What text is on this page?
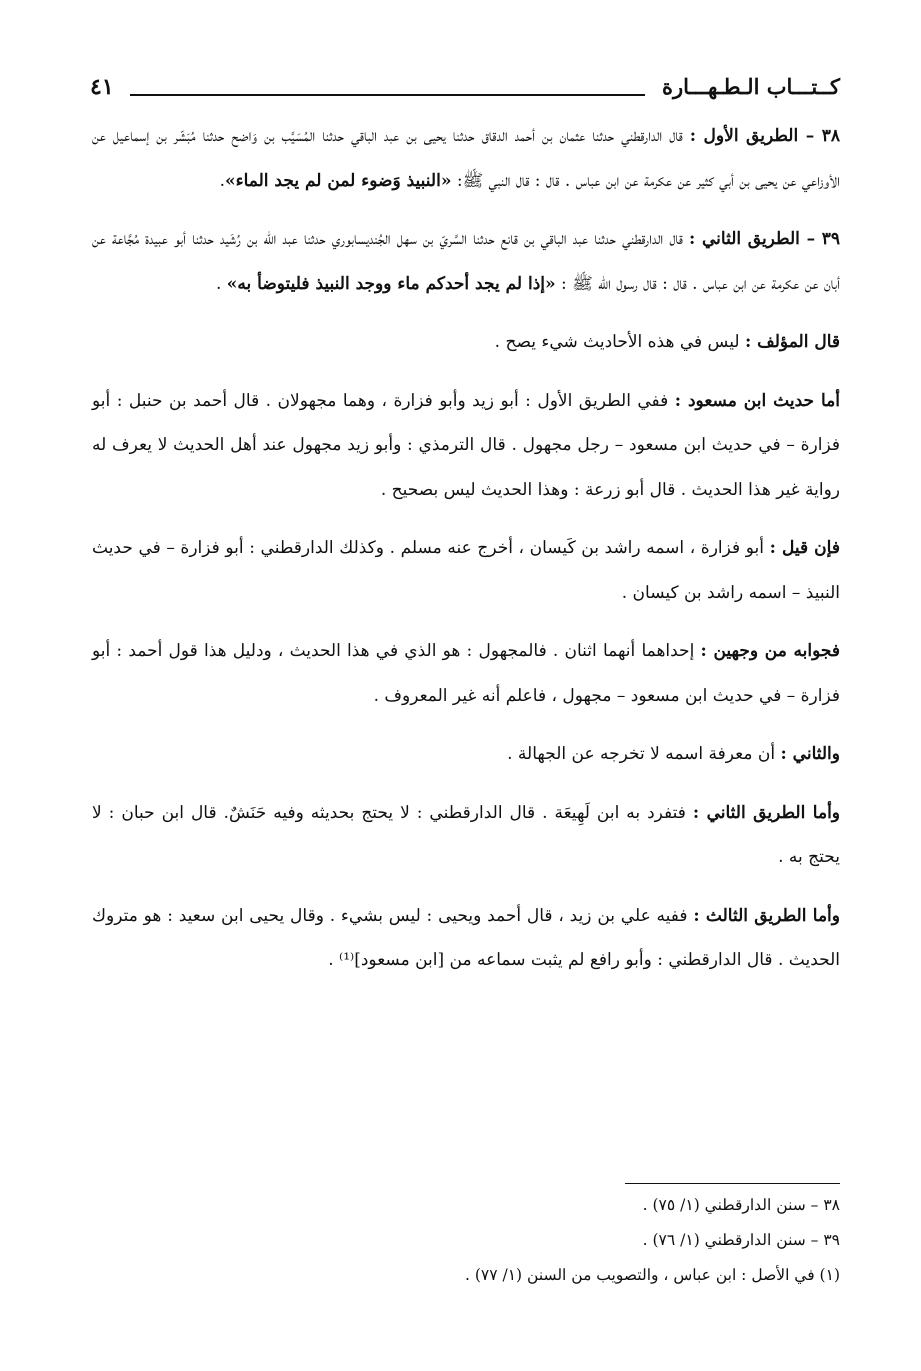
٤١	كــتـــاب الـطـهـــارة

٣٨ – الطريق الأول : قال الدارقطني حدثنا عثمان بن أحمد الدقاق حدثنا يحيى بن عبد الباقي حدثنا المُسَيَّب بن وَاضح حدثنا مُبَشّر بن إسماعيل عن الأوزاعي عن يحيى بن أبي كثير عن عكرمة عن ابن عباس . قال : قال النبي ﷺ: «النبيذ وَضوء لمن لم يجد الماء».

٣٩ – الطريق الثاني : قال الدارقطني حدثنا عبد الباقي بن قانع حدثنا السَّريّ بن سهل الجُنديسابوري حدثنا عبد الله بن رُشَيد حدثنا أبو عبيدة مُجَّاعة عن أبان عن عكرمة عن ابن عباس . قال : قال رسول الله ﷺ : «إذا لم يجد أحدكم ماء ووجد النبيذ فليتوضأ به» .

قال المؤلف : ليس في هذه الأحاديث شيء يصح .

أما حديث ابن مسعود : ففي الطريق الأول : أبو زيد وأبو فزارة ، وهما مجهولان . قال أحمد بن حنبل : أبو فزارة – في حديث ابن مسعود – رجل مجهول . قال الترمذي : وأبو زيد مجهول عند أهل الحديث لا يعرف له رواية غير هذا الحديث . قال أبو زرعة : وهذا الحديث ليس بصحيح .

فإن قيل : أبو فزارة ، اسمه راشد بن كَيسان ، أخرج عنه مسلم . وكذلك الدارقطني : أبو فزارة – في حديث النبيذ – اسمه راشد بن كيسان .

فجوابه من وجهين : إحداهما أنهما اثنان . فالمجهول : هو الذي في هذا الحديث ، ودليل هذا قول أحمد : أبو فزارة – في حديث ابن مسعود – مجهول ، فاعلم أنه غير المعروف .

والثاني : أن معرفة اسمه لا تخرجه عن الجهالة .

وأما الطريق الثاني : فتفرد به ابن لَهِيعَة . قال الدارقطني : لا يحتج بحديثه وفيه حَنَشٌ. قال ابن حبان : لا يحتج به .

وأما الطريق الثالث : ففيه علي بن زيد ، قال أحمد ويحيى : ليس بشيء . وقال يحيى ابن سعيد : هو متروك الحديث . قال الدارقطني : وأبو رافع لم يثبت سماعه من [ابن مسعود]⁽¹⁾ .

٣٨ – سنن الدارقطني (١/ ٧٥) .
٣٩ – سنن الدارقطني (١/ ٧٦) .
(١) في الأصل : ابن عباس ، والتصويب من السنن (١/ ٧٧) .
